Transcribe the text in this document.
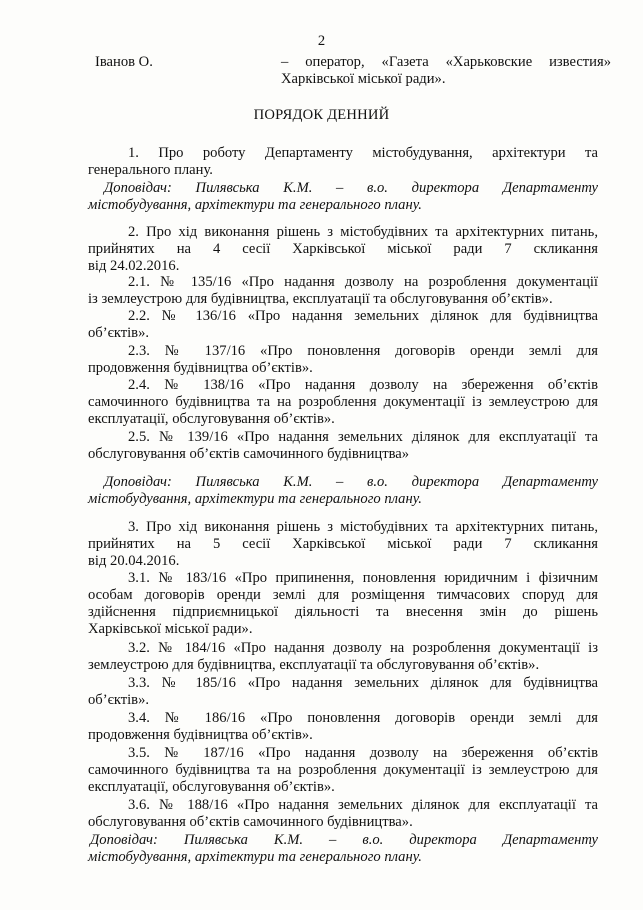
2
Іванов О.	– оператор, «Газета «Харьковские известия»
Харківської міської ради».
ПОРЯДОК ДЕННИЙ
1. Про роботу Департаменту містобудування, архітектури та
генерального плану.
Доповідач: Пилявська К.М. – в.о. директора Департаменту
містобудування, архітектури та генерального плану.
2. Про хід виконання рішень з містобудівних та архітектурних питань,
прийнятих на 4 сесії Харківської міської ради 7 скликання
від 24.02.2016.
2.1. № 135/16 «Про надання дозволу на розроблення документації
із землеустрою для будівництва, експлуатації та обслуговування об’єктів».
2.2. № 136/16 «Про надання земельних ділянок для будівництва
об’єктів».
2.3. № 137/16 «Про поновлення договорів оренди землі для
продовження будівництва об’єктів».
2.4. № 138/16 «Про надання дозволу на збереження об’єктів
самочинного будівництва та на розроблення документації із землеустрою для
експлуатації, обслуговування об’єктів».
2.5. № 139/16 «Про надання земельних ділянок для експлуатації та
обслуговування об’єктів самочинного будівництва»
Доповідач: Пилявська К.М. – в.о. директора Департаменту
містобудування, архітектури та генерального плану.
3. Про хід виконання рішень з містобудівних та архітектурних питань,
прийнятих на 5 сесії Харківської міської ради 7 скликання
від 20.04.2016.
3.1. № 183/16 «Про припинення, поновлення юридичним і фізичним
особам договорів оренди землі для розміщення тимчасових споруд для
здійснення підприємницької діяльності та внесення змін до рішень
Харківської міської ради».
3.2. № 184/16 «Про надання дозволу на розроблення документації із
землеустрою для будівництва, експлуатації та обслуговування об’єктів».
3.3. № 185/16 «Про надання земельних ділянок для будівництва
об’єктів».
3.4. № 186/16 «Про поновлення договорів оренди землі для
продовження будівництва об’єктів».
3.5. № 187/16 «Про надання дозволу на збереження об’єктів
самочинного будівництва та на розроблення документації із землеустрою для
експлуатації, обслуговування об’єктів».
3.6. № 188/16 «Про надання земельних ділянок для експлуатації та
обслуговування об’єктів самочинного будівництва».
Доповідач: Пилявська К.М. – в.о. директора Департаменту
містобудування, архітектури та генерального плану.
